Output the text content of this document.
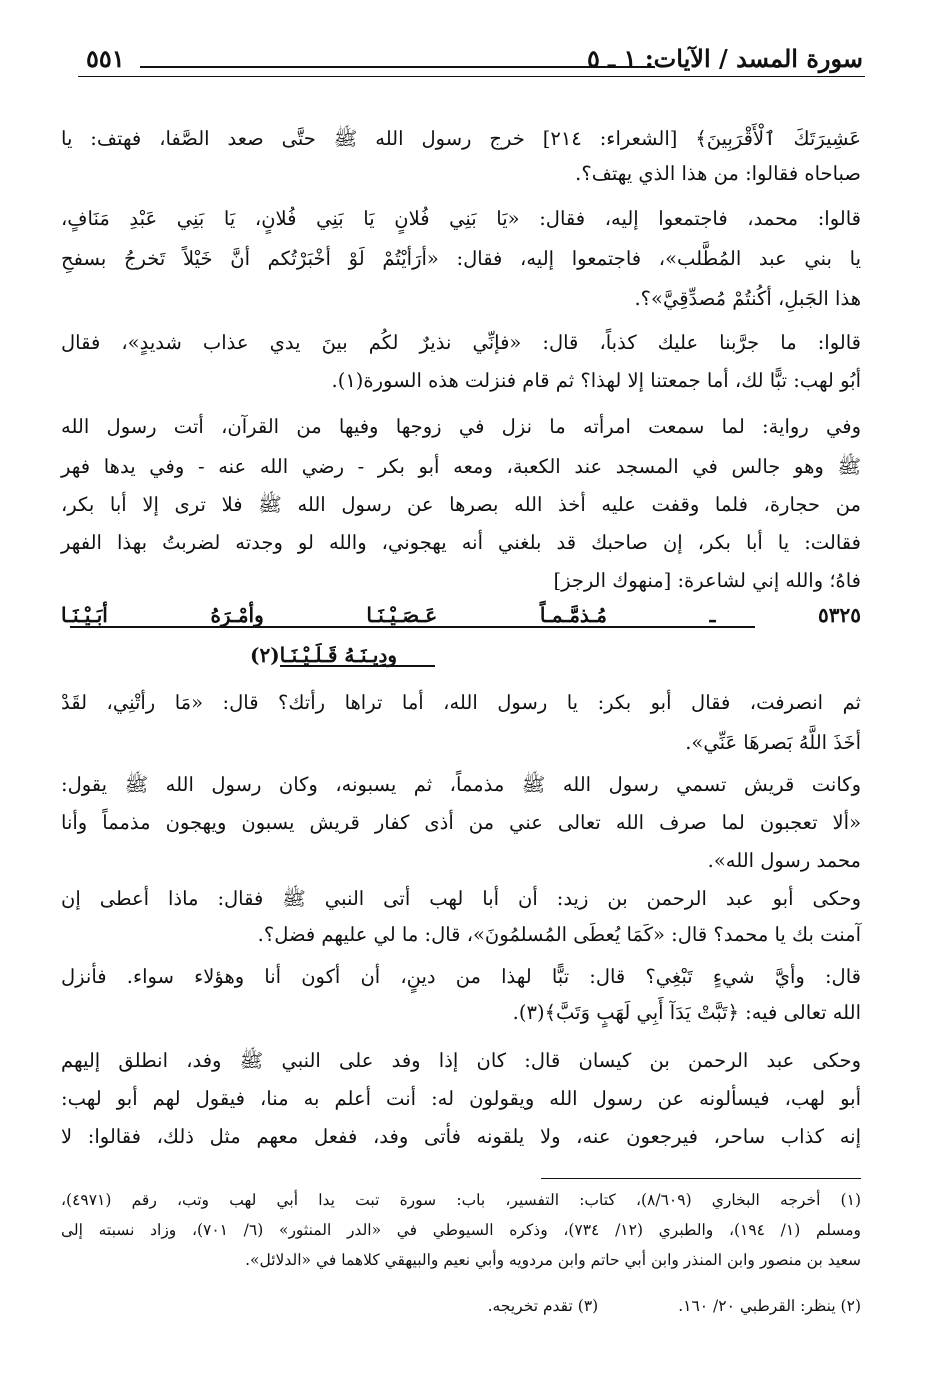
سورة المسد / الآيات: ١ ـ ٥
٥٥١
عَشِيرَتَكَ ٱلْأَقْرَبِينَ﴾ [الشعراء: ٢١٤] خرج رسول الله ﷺ حتَّى صعد الصَّفا، فهتف: يا
صباحاه فقالوا: من هذا الذي يهتف؟.
قالوا: محمد، فاجتمعوا إليه، فقال: «يَا بَنِي فُلانٍ يَا بَنِي فُلانٍ، يَا بَنِي عَبْدِ مَنَافٍ،
يا بني عبد المُطَّلب»، فاجتمعوا إليه، فقال: «أرَأيْتُمْ لَوْ أخْبَرْتُكم أنَّ خَيْلاً تَخرجُ بسفحِ
هذا الجَبلِ، أكُنتُمْ مُصدِّقِيَّ»؟.
قالوا: ما جرَّبنا عليك كذباً، قال: «فإنِّي نذيرٌ لكُم بينَ يدي عذاب شديدٍ»، فقال
أبُو لهب: تبًّا لك، أما جمعتنا إلا لهذا؟ ثم قام فنزلت هذه السورة(١).
وفي رواية: لما سمعت امرأته ما نزل في زوجها وفيها من القرآن، أتت رسول الله
ﷺ وهو جالس في المسجد عند الكعبة، ومعه أبو بكر - رضي الله عنه - وفي يدها فهر
من حجارة، فلما وقفت عليه أخذ الله بصرها عن رسول الله ﷺ فلا ترى إلا أبا بكر،
فقالت: يا أبا بكر، إن صاحبك قد بلغني أنه يهجوني، والله لو وجدته لضربتُ بهذا الفهر
فاهُ؛ والله إني لشاعرة: [منهوك الرجز]
٥٣٢٥ ـ مُـذمَّـمـاً عَـصَـيْـنَـا وأمْـرَهُ أبَـيْـنَـا
ودِيـنَـهُ قَـلَـيْـنَـا(٢)
ثم انصرفت، فقال أبو بكر: يا رسول الله، أما تراها رأتك؟ قال: «مَا رأتْنِي، لقَدْ
أخَذَ اللَّهُ بَصرهَا عَنِّي».
وكانت قريش تسمي رسول الله ﷺ مذمماً، ثم يسبونه، وكان رسول الله ﷺ يقول:
«ألا تعجبون لما صرف الله تعالى عني من أذى كفار قريش يسبون ويهجون مذمماً وأنا
محمد رسول الله».
وحكى أبو عبد الرحمن بن زيد: أن أبا لهب أتى النبي ﷺ فقال: ماذا أعطى إن
آمنت بك يا محمد؟ قال: «كَمَا يُعطَى المُسلمُونَ»، قال: ما لي عليهم فضل؟.
قال: وأيَّ شيءٍ تَبْغِي؟ قال: تبًّا لهذا من دينٍ، أن أكون أنا وهؤلاء سواء. فأنزل
الله تعالى فيه: ﴿تَبَّتْ يَدَآ أَبِي لَهَبٍ وَتَبَّ﴾(٣).
وحكى عبد الرحمن بن كيسان قال: كان إذا وفد على النبي ﷺ وفد، انطلق إليهم
أبو لهب، فيسألونه عن رسول الله ويقولون له: أنت أعلم به منا، فيقول لهم أبو لهب:
إنه كذاب ساحر، فيرجعون عنه، ولا يلقونه فأتى وفد، ففعل معهم مثل ذلك، فقالوا: لا
(١) أخرجه البخاري (٨/٦٠٩)، كتاب: التفسير، باب: سورة تبت يدا أبي لهب وتب، رقم (٤٩٧١)،
ومسلم (١/ ١٩٤)، والطبري (١٢/ ٧٣٤)، وذكره السيوطي في «الدر المنثور» (٦/ ٧٠١)، وزاد نسبته إلى
سعيد بن منصور وابن المنذر وابن أبي حاتم وابن مردويه وأبي نعيم والبيهقي كلاهما في «الدلائل».
(٢) ينظر: القرطبي ٢٠/ ١٦٠.(٣) تقدم تخريجه.
